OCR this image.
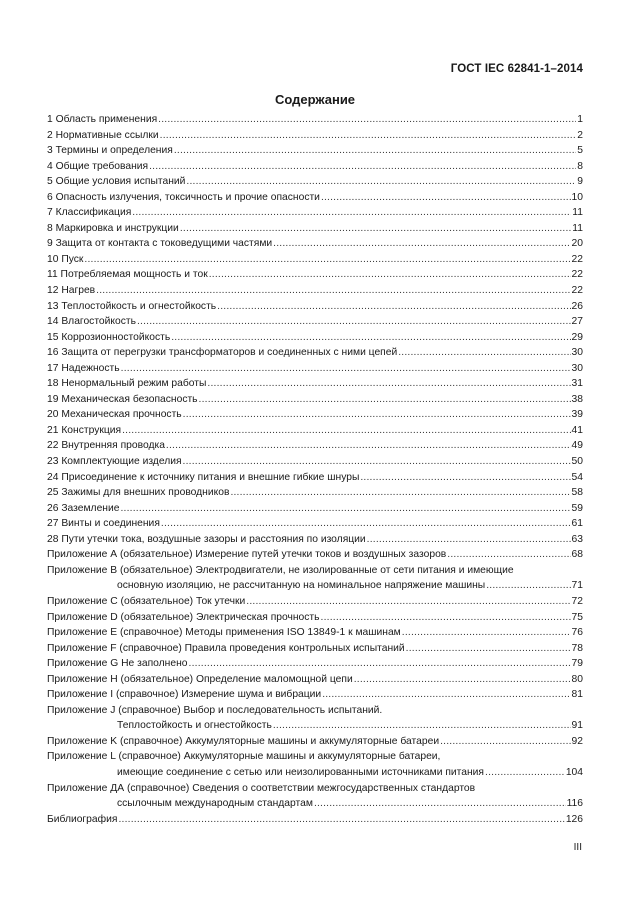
ГОСТ IEC 62841-1–2014
Содержание
1 Область применения .....	1
2 Нормативные ссылки .....	2
3 Термины и определения .....	5
4 Общие требования .....	8
5 Общие условия испытаний .....	9
6 Опасность излучения, токсичность и прочие опасности .....	10
7 Классификация .....	11
8 Маркировка и инструкции .....	11
9 Защита от контакта с токоведущими частями .....	20
10 Пуск .....	22
11 Потребляемая мощность и ток .....	22
12 Нагрев .....	22
13 Теплостойкость и огнестойкость .....	26
14 Влагостойкость .....	27
15 Коррозионностойкость .....	29
16 Защита от перегрузки трансформаторов и соединенных с ними цепей .....	30
17 Надежность .....	30
18 Ненормальный режим работы .....	31
19 Механическая безопасность .....	38
20 Механическая прочность .....	39
21 Конструкция .....	41
22 Внутренняя проводка .....	49
23 Комплектующие изделия .....	50
24 Присоединение к источнику питания и внешние гибкие шнуры .....	54
25 Зажимы для внешних проводников .....	58
26 Заземление .....	59
27 Винты и соединения .....	61
28 Пути утечки тока, воздушные зазоры и расстояния по изоляции .....	63
Приложение А (обязательное) Измерение путей утечки токов и воздушных зазоров .....	68
Приложение В (обязательное) Электродвигатели, не изолированные от сети питания и имеющие
основную изоляцию, не рассчитанную на номинальное напряжение машины .....	71
Приложение С (обязательное) Ток утечки .....	72
Приложение D (обязательное) Электрическая прочность .....	75
Приложение E (справочное) Методы применения ISO 13849-1 к машинам .....	76
Приложение F (справочное) Правила проведения контрольных испытаний .....	78
Приложение G Не заполнено .....	79
Приложение Н (обязательное) Определение маломощной цепи .....	80
Приложение I (справочное) Измерение шума и вибрации .....	81
Приложение J (справочное) Выбор и последовательность испытаний.
Теплостойкость и огнестойкость .....	91
Приложение K (справочное) Аккумуляторные машины и аккумуляторные батареи .....	92
Приложение L (справочное) Аккумуляторные машины и аккумуляторные батареи,
имеющие соединение с сетью или неизолированными источниками питания .....	104
Приложение ДА (справочное) Сведения о соответствии межгосударственных стандартов
ссылочным международным стандартам .....	116
Библиография .....	126
III
